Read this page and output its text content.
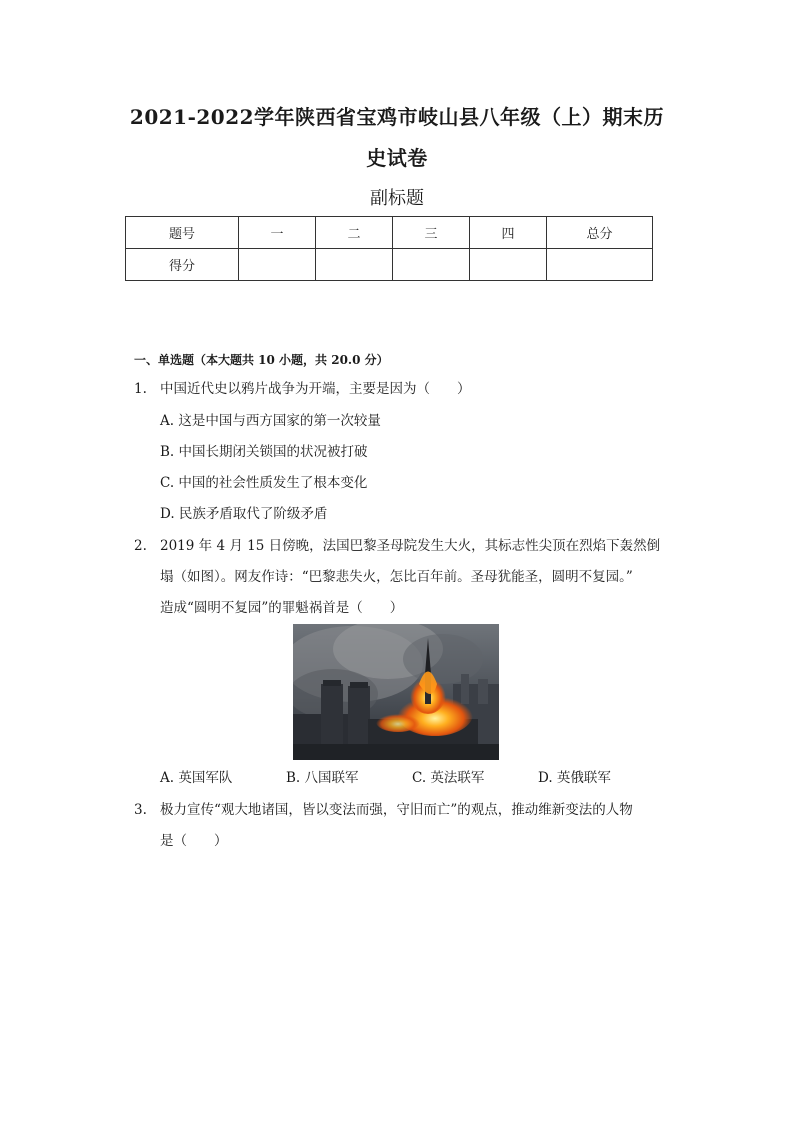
2021-2022学年陕西省宝鸡市岐山县八年级（上）期末历
史试卷
副标题
题号	一	二	三	四	总分
得分					
一、单选题（本大题共 10 小题，共 20.0 分）
1. 中国近代史以鸦片战争为开端，主要是因为（　　）
A. 这是中国与西方国家的第一次较量
B. 中国长期闭关锁国的状况被打破
C. 中国的社会性质发生了根本变化
D. 民族矛盾取代了阶级矛盾
2. 2019 年 4 月 15 日傍晚，法国巴黎圣母院发生大火，其标志性尖顶在烈焰下轰然倒
塌（如图）。网友作诗：“巴黎悲失火，怎比百年前。圣母犹能圣，圆明不复园。”
造成“圆明不复园”的罪魁祸首是（　　）
A. 英国军队	B. 八国联军	C. 英法联军	D. 英俄联军
3. 极力宣传“观大地诸国，皆以变法而强，守旧而亡”的观点，推动维新变法的人物
是（　　）
